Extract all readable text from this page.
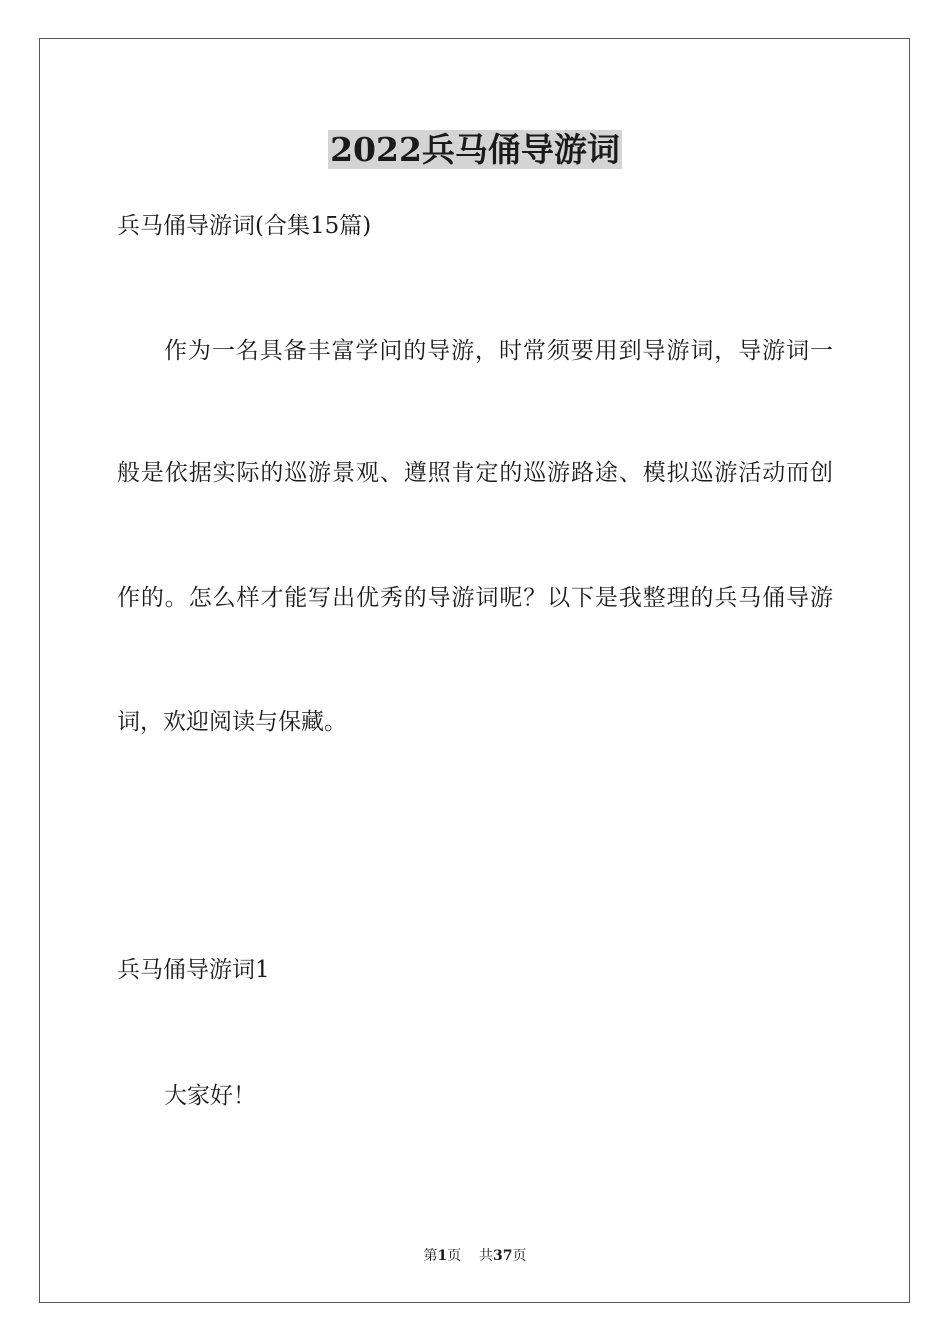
2022兵马俑导游词
兵马俑导游词(合集15篇)
作为一名具备丰富学问的导游，时常须要用到导游词，导游词一
般是依据实际的巡游景观、遵照肯定的巡游路途、模拟巡游活动而创
作的。怎么样才能写出优秀的导游词呢？以下是我整理的兵马俑导游
词，欢迎阅读与保藏。
兵马俑导游词1
大家好！
第1页 共37页
